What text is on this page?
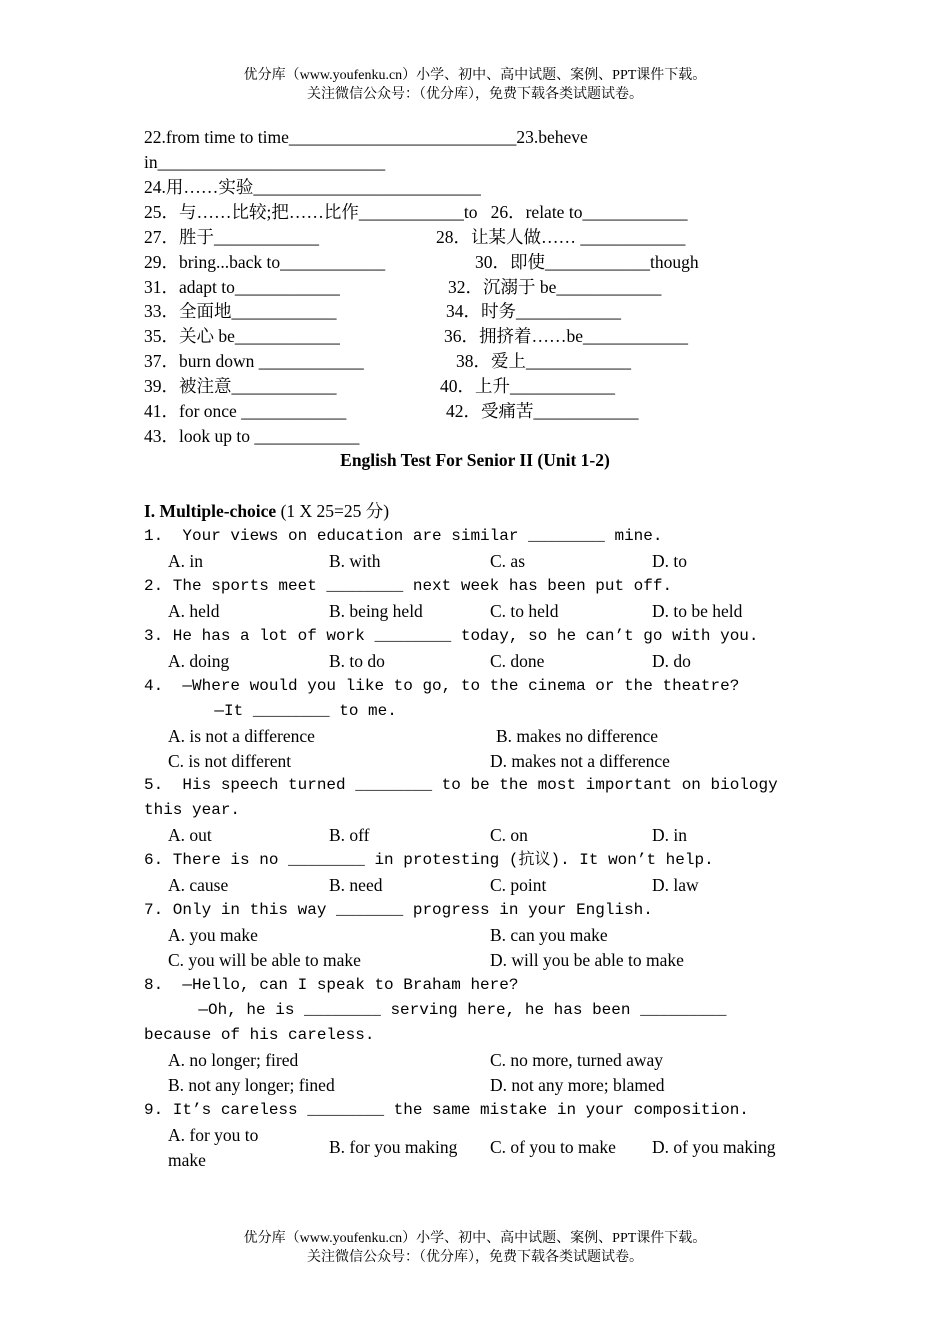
优分库（www.youfenku.cn）小学、初中、高中试题、案例、PPT课件下载。
关注微信公众号：（优分库），免费下载各类试题试卷。
22.from time to time__________________________23.beheve
in__________________________
24.用……实验__________________________
25．与……比较;把……比作____________to   26．relate to____________
27．胜于____________	28．让某人做…… ____________
29．bring...back to____________	30．即使____________though
31．adapt to____________	32．沉溺于 be____________
33．全面地____________	34．时务____________
35．关心 be____________	36．拥挤着……be____________
37．burn down ____________	38．爱上____________
39．被注意____________	40．上升____________
41．for once ____________	42．受痛苦____________
43．look up to ____________
English Test For Senior II (Unit 1-2)
I. Multiple-choice (1 X 25=25 分)
1.  Your views on education are similar ________ mine.
A. in	B. with	C. as	D. to
2. The sports meet ________ next week has been put off.
A. held	B. being held	C. to held	D. to be held
3. He has a lot of work ________ today, so he can’t go with you.
A. doing	B. to do	C. done	D. do
4.  —Where would you like to go, to the cinema or the theatre?
—It ________ to me.
A. is not a difference	B. makes no difference
C. is not different	D. makes not a difference
5.  His speech turned ________ to be the most important on biology
this year.
A. out	B. off	C. on	D. in
6. There is no ________ in protesting (抗议). It won’t help.
A. cause	B. need	C. point	D. law
7. Only in this way _______ progress in your English.
A. you make	B. can you make
C. you will be able to make	D. will you be able to make
8.  —Hello, can I speak to Braham here?
—Oh, he is ________ serving here, he has been _________
because of his careless.
A. no longer; fired	C. no more, turned away
B. not any longer; fined	D. not any more; blamed
9. It’s careless ________ the same mistake in your composition.
A. for you to
make
B. for you making C. of you to make D. of you making
优分库（www.youfenku.cn）小学、初中、高中试题、案例、PPT课件下载。
关注微信公众号：（优分库），免费下载各类试题试卷。
